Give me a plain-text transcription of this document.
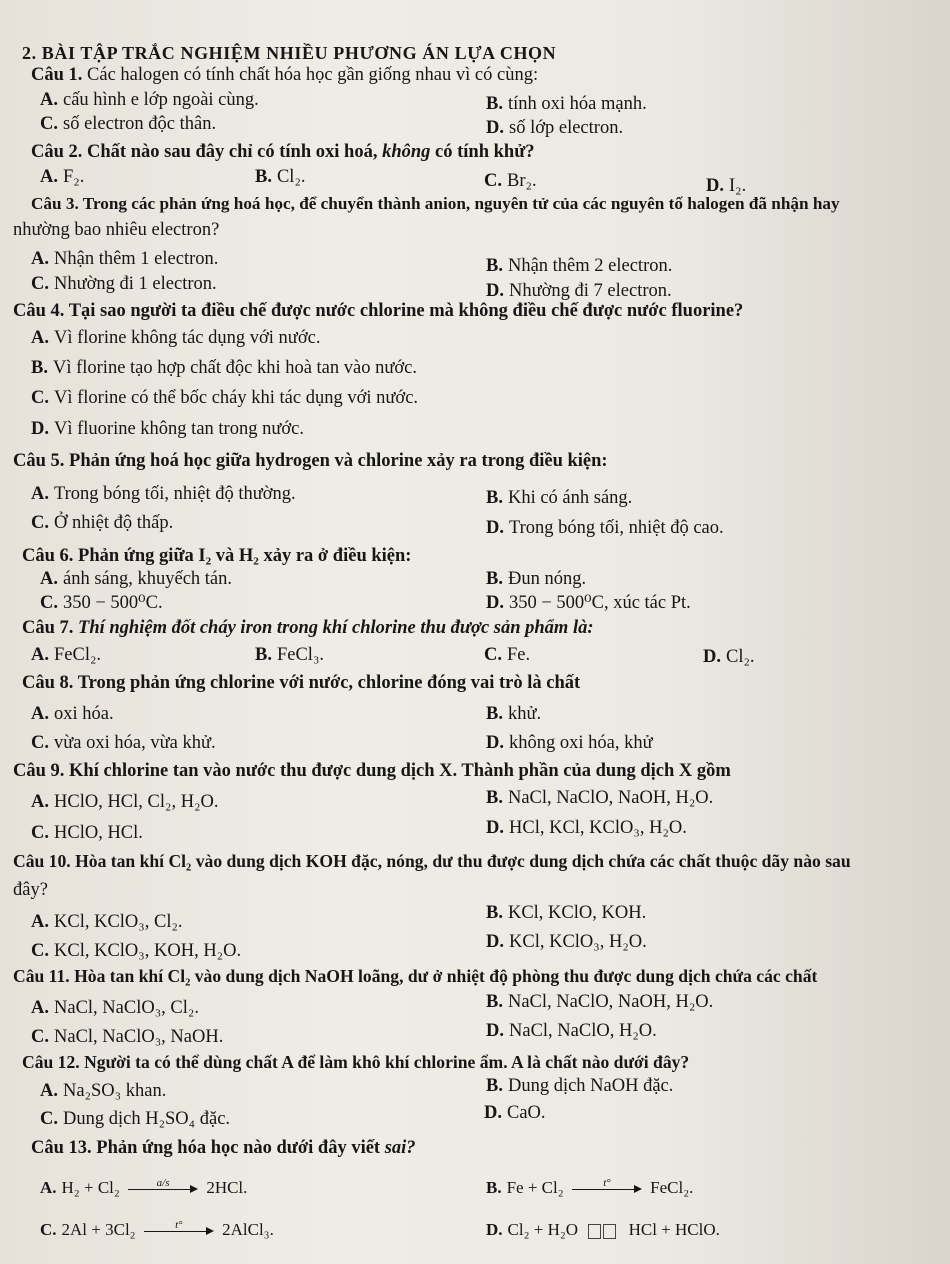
2. BÀI TẬP TRẮC NGHIỆM NHIỀU PHƯƠNG ÁN LỰA CHỌN
Câu 1. Các halogen có tính chất hóa học gần giống nhau vì có cùng:
A. cấu hình e lớp ngoài cùng.	B. tính oxi hóa mạnh.
C. số electron độc thân.	D. số lớp electron.
Câu 2. Chất nào sau đây chỉ có tính oxi hoá, không có tính khử?
A. F₂.	B. Cl₂.	C. Br₂.	D. I₂.
Câu 3. Trong các phản ứng hoá học, để chuyển thành anion, nguyên tử của các nguyên tố halogen đã nhận hay
nhường bao nhiêu electron?
A. Nhận thêm 1 electron.	B. Nhận thêm 2 electron.
C. Nhường đi 1 electron.	D. Nhường đi 7 electron.
Câu 4. Tại sao người ta điều chế được nước chlorine mà không điều chế được nước fluorine?
A. Vì florine không tác dụng với nước.
B. Vì florine tạo hợp chất độc khi hoà tan vào nước.
C. Vì florine có thể bốc cháy khi tác dụng với nước.
D. Vì fluorine không tan trong nước.
Câu 5. Phản ứng hoá học giữa hydrogen và chlorine xảy ra trong điều kiện:
A. Trong bóng tối, nhiệt độ thường.	B. Khi có ánh sáng.
C. Ở nhiệt độ thấp.	D. Trong bóng tối, nhiệt độ cao.
Câu 6. Phản ứng giữa I₂ và H₂ xảy ra ở điều kiện:
A. ánh sáng, khuyếch tán.	B. Đun nóng.
C. 350 − 500⁰C.	D. 350 − 500⁰C, xúc tác Pt.
Câu 7. Thí nghiệm đốt cháy iron trong khí chlorine thu được sản phẩm là:
A. FeCl₂.	B. FeCl₃.	C. Fe.	D. Cl₂.
Câu 8. Trong phản ứng chlorine với nước, chlorine đóng vai trò là chất
A. oxi hóa.	B. khử.
C. vừa oxi hóa, vừa khử.	D. không oxi hóa, khử
Câu 9. Khí chlorine tan vào nước thu được dung dịch X. Thành phần của dung dịch X gồm
A. HClO, HCl, Cl₂, H₂O.	B. NaCl, NaClO, NaOH, H₂O.
C. HClO, HCl.	D. HCl, KCl, KClO₃, H₂O.
Câu 10. Hòa tan khí Cl₂ vào dung dịch KOH đặc, nóng, dư thu được dung dịch chứa các chất thuộc dãy nào sau
đây?
A. KCl, KClO₃, Cl₂.	B. KCl, KClO, KOH.
C. KCl, KClO₃, KOH, H₂O.	D. KCl, KClO₃, H₂O.
Câu 11. Hòa tan khí Cl₂ vào dung dịch NaOH loãng, dư ở nhiệt độ phòng thu được dung dịch chứa các chất
A. NaCl, NaClO₃, Cl₂.	B. NaCl, NaClO, NaOH, H₂O.
C. NaCl, NaClO₃, NaOH.	D. NaCl, NaClO, H₂O.
Câu 12. Người ta có thể dùng chất A để làm khô khí chlorine ẩm. A là chất nào dưới đây?
A. Na₂SO₃ khan.	B. Dung dịch NaOH đặc.
C. Dung dịch H₂SO₄ đặc.	D. CaO.
Câu 13. Phản ứng hóa học nào dưới đây viết sai?
A. H₂ + Cl₂	a/s	2HCl.	B. Fe + Cl₂	t°	FeCl₂.
C. 2Al + 3Cl₂	t°	2AlCl₃.	D. Cl₂ + H₂O	HCl + HClO.
